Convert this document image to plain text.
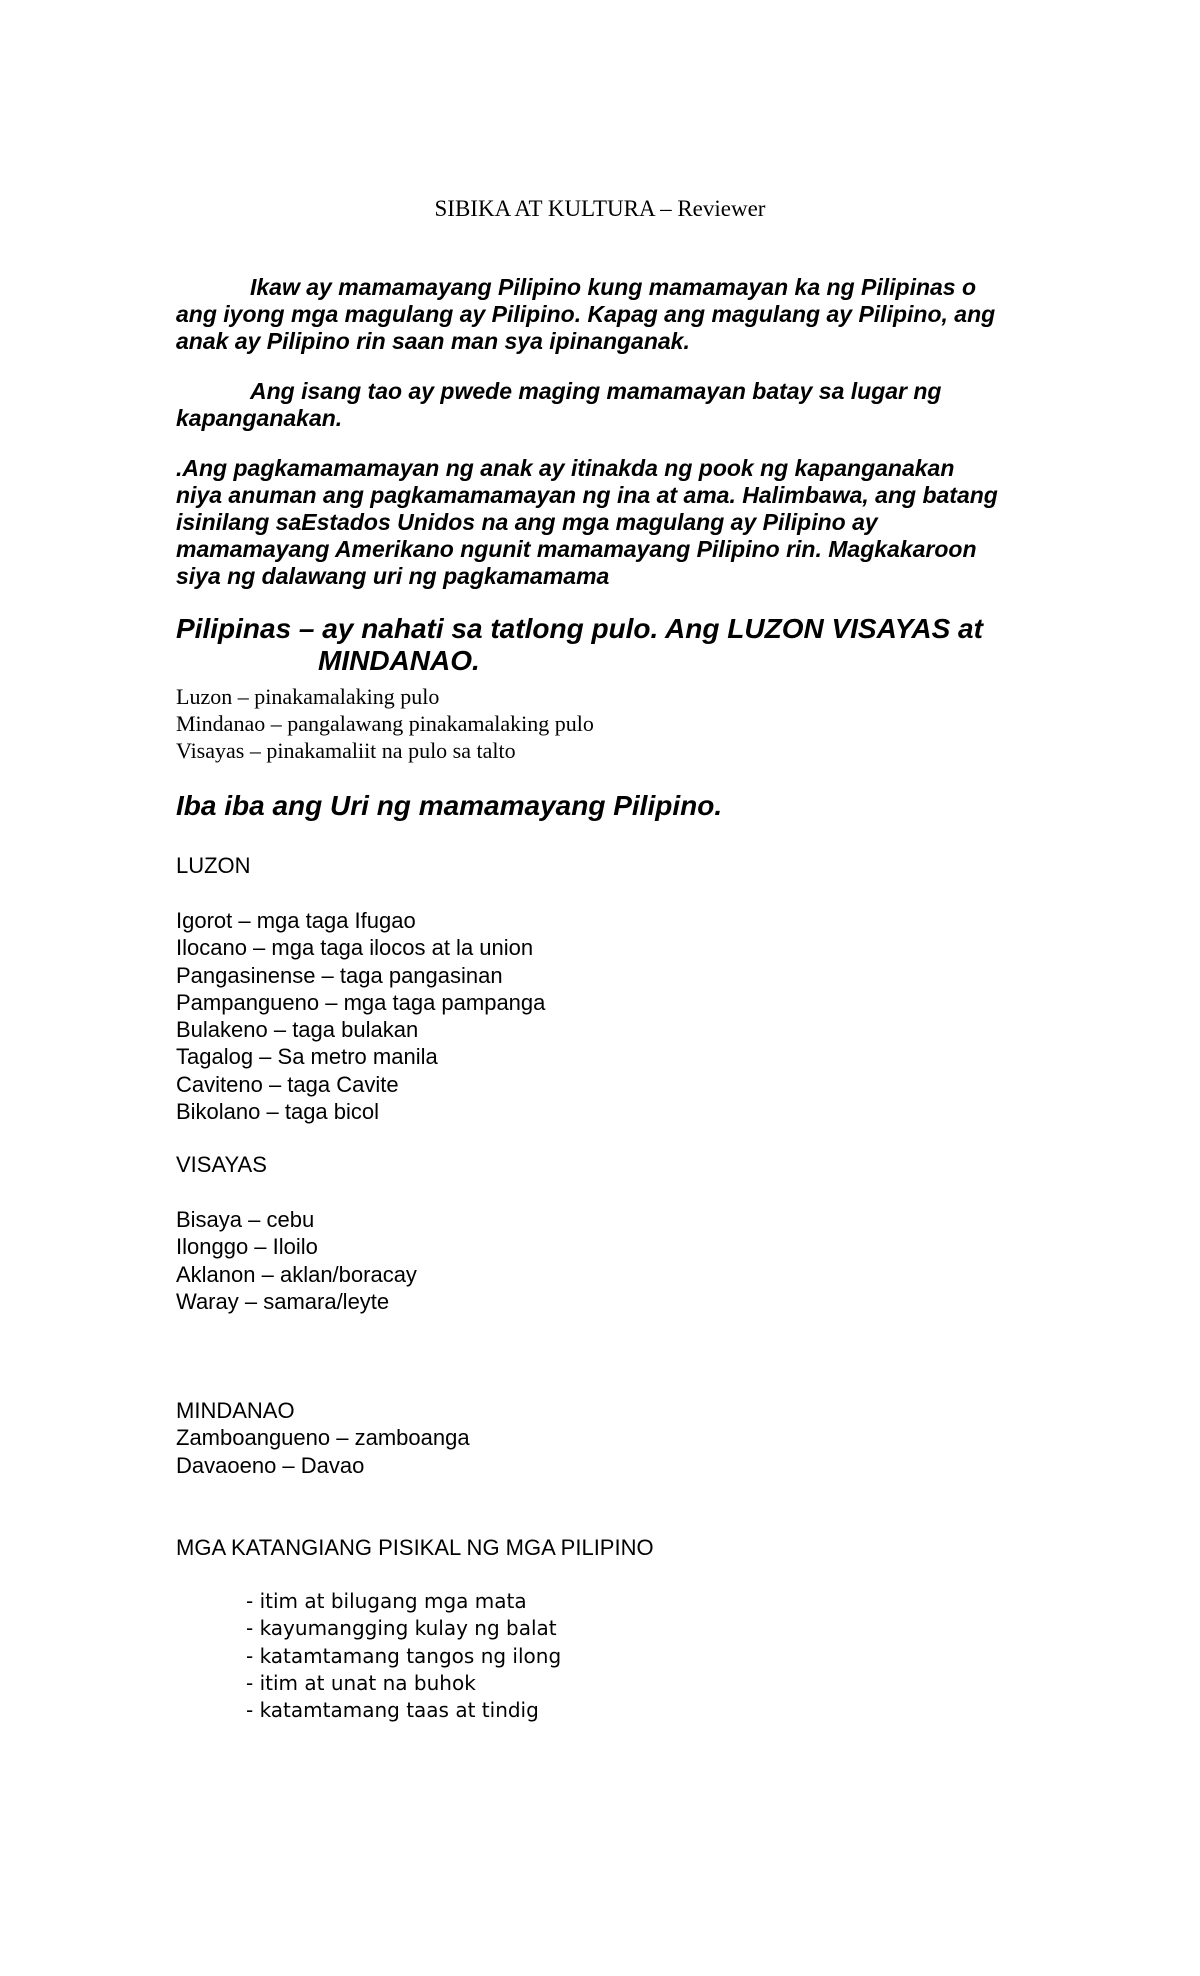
SIBIKA AT KULTURA – Reviewer
Ikaw ay mamamayang Pilipino kung mamamayan ka ng Pilipinas o
ang iyong mga magulang ay Pilipino. Kapag ang magulang ay Pilipino, ang
anak ay Pilipino rin saan man sya ipinanganak.
Ang isang tao ay pwede maging mamamayan batay sa lugar ng
kapanganakan.
.Ang pagkamamamayan ng anak ay itinakda ng pook ng kapanganakan
niya anuman ang pagkamamamayan ng ina at ama. Halimbawa, ang batang
isinilang saEstados Unidos na ang mga magulang ay Pilipino ay
mamamayang Amerikano ngunit mamamayang Pilipino rin. Magkakaroon
siya ng dalawang uri ng pagkamamama
Pilipinas – ay nahati sa tatlong pulo. Ang LUZON VISAYAS at
MINDANAO.
Luzon – pinakamalaking pulo
Mindanao – pangalawang pinakamalaking pulo
Visayas – pinakamaliit na pulo sa talto
Iba iba ang Uri ng mamamayang Pilipino.
LUZON
Igorot – mga taga Ifugao
Ilocano – mga taga ilocos at la union
Pangasinense – taga pangasinan
Pampangueno – mga taga pampanga
Bulakeno – taga bulakan
Tagalog – Sa metro manila
Caviteno – taga Cavite
Bikolano – taga bicol
VISAYAS
Bisaya – cebu
Ilonggo – Iloilo
Aklanon – aklan/boracay
Waray – samara/leyte
MINDANAO
Zamboangueno – zamboanga
Davaoeno – Davao
MGA KATANGIANG PISIKAL NG MGA PILIPINO
- itim at bilugang mga mata
- kayumangging kulay ng balat
- katamtamang tangos ng ilong
- itim at unat na buhok
- katamtamang taas at tindig
